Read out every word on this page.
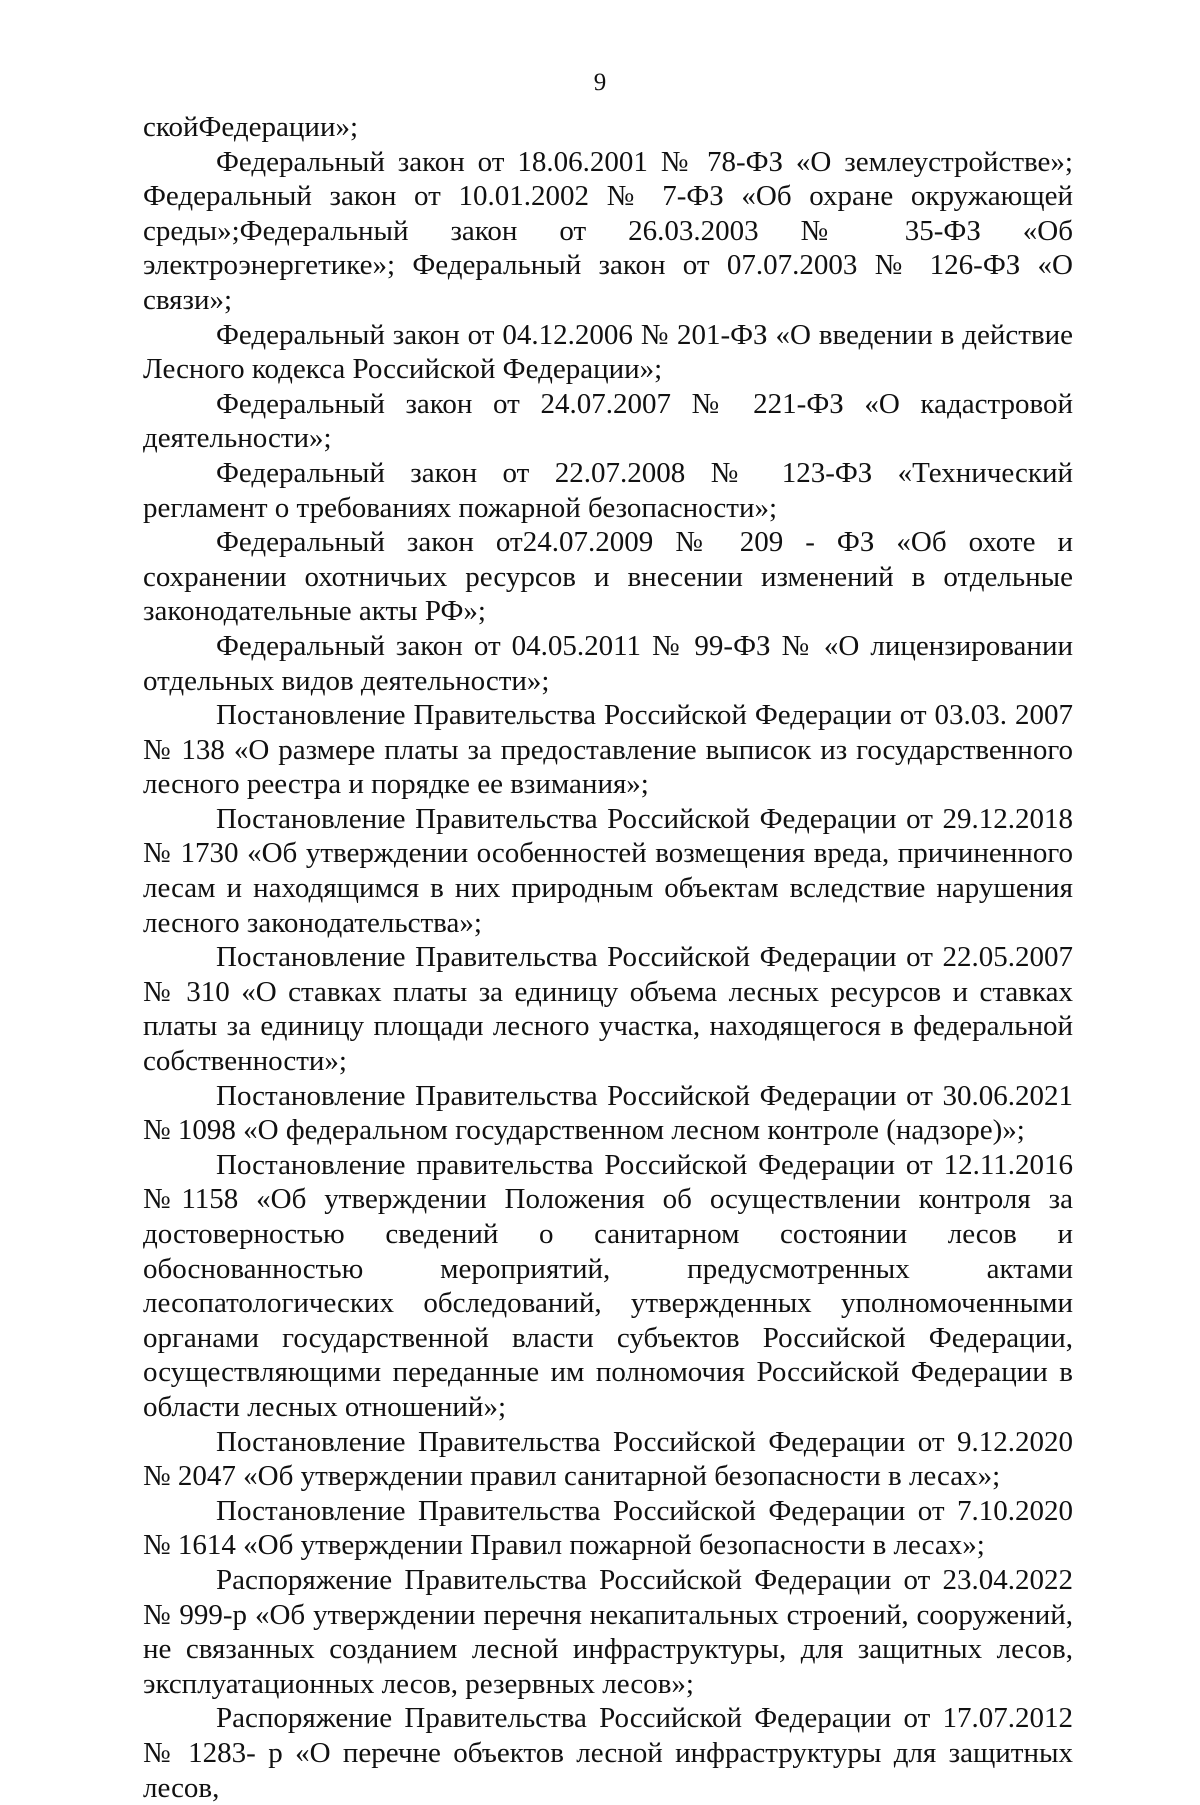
9

скойФедерации»;

Федеральный закон от 18.06.2001 № 78-ФЗ «О землеустройстве»; Федеральный закон от 10.01.2002 № 7-ФЗ «Об охране окружающей среды»;Федеральный закон от 26.03.2003 № 35-ФЗ «Об электроэнергетике»; Федеральный закон от 07.07.2003 № 126-ФЗ «О связи»;

Федеральный закон от 04.12.2006 № 201-ФЗ «О введении в действие Лесного кодекса Российской Федерации»;

Федеральный закон от 24.07.2007 № 221-ФЗ «О кадастровой деятельности»;

Федеральный закон от 22.07.2008 № 123-ФЗ «Технический регламент о требованиях пожарной безопасности»;

Федеральный закон от24.07.2009 № 209 - ФЗ «Об охоте и сохранении охотничьих ресурсов и внесении изменений в отдельные законодательные акты РФ»;

Федеральный закон от 04.05.2011 № 99-ФЗ № «О лицензировании отдельных видов деятельности»;

Постановление Правительства Российской Федерации от 03.03. 2007 № 138 «О размере платы за предоставление выписок из государственного лесного реестра и порядке ее взимания»;

Постановление Правительства Российской Федерации от 29.12.2018 № 1730 «Об утверждении особенностей возмещения вреда, причиненного лесам и находящимся в них природным объектам вследствие нарушения лесного законодательства»;

Постановление Правительства Российской Федерации от 22.05.2007 № 310 «О ставках платы за единицу объема лесных ресурсов и ставках платы за единицу площади лесного участка, находящегося в федеральной собственности»;

Постановление Правительства Российской Федерации от 30.06.2021 № 1098 «О федеральном государственном лесном контроле (надзоре)»;

Постановление правительства Российской Федерации от 12.11.2016 №1158 «Об утверждении Положения об осуществлении контроля за достоверностью сведений о санитарном состоянии лесов и обоснованностью мероприятий, предусмотренных актами лесопатологических обследований, утвержденных уполномоченными органами государственной власти субъектов Российской Федерации, осуществляющими переданные им полномочия Российской Федерации в области лесных отношений»;

Постановление Правительства Российской Федерации от 9.12.2020 № 2047 «Об утверждении правил санитарной безопасности в лесах»;

Постановление Правительства Российской Федерации от 7.10.2020 № 1614 «Об утверждении Правил пожарной безопасности в лесах»;

Распоряжение Правительства Российской Федерации от 23.04.2022 № 999-р «Об утверждении перечня некапитальных строений, сооружений, не связанных созданием лесной инфраструктуры, для защитных лесов, эксплуатационных лесов, резервных лесов»;

Распоряжение Правительства Российской Федерации от 17.07.2012 № 1283- р «О перечне объектов лесной инфраструктуры для защитных лесов,
